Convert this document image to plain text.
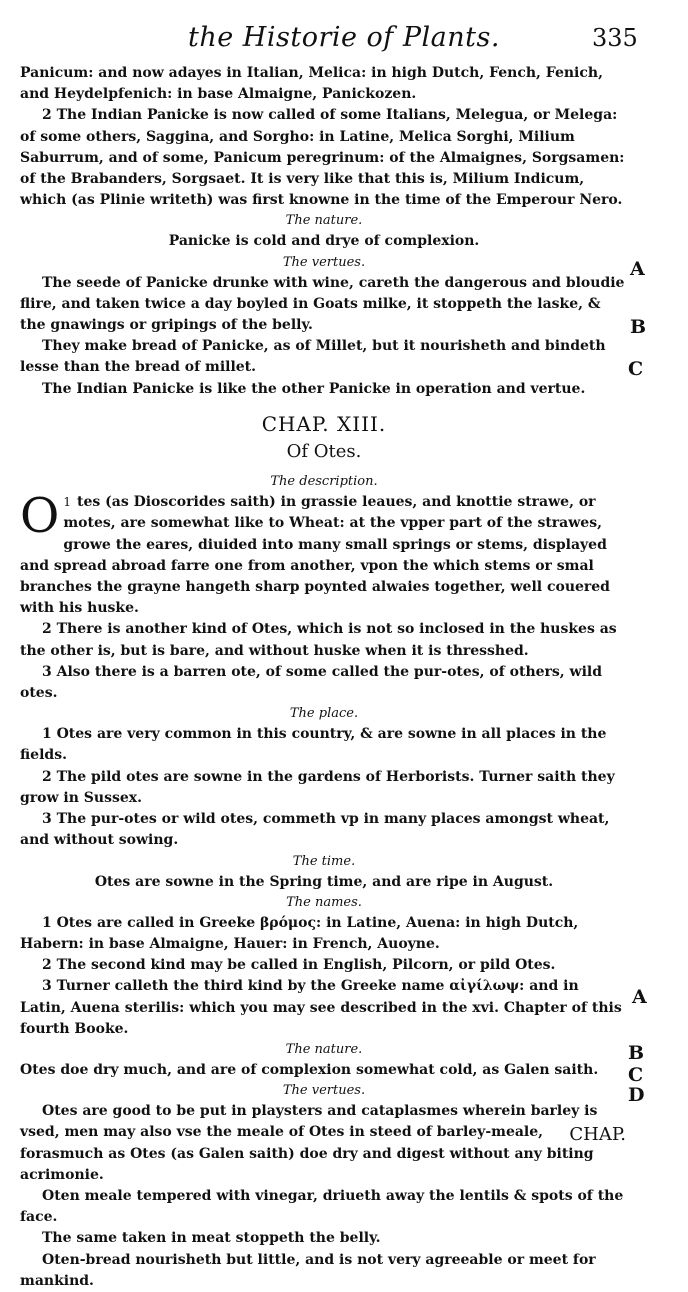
the Historie of Plants.	335

Panicum: and now adayes in Italian, Melica: in high Dutch, Fench, Fenich, and Heydelpfenich: in base Almaigne, Panickozen.

2 The Indian Panicke is now called of some Italians, Melegua, or Melega: of some others, Saggina, and Sorgho: in Latine, Melica Sorghi, Milium Saburrum, and of some, Panicum peregrinum: of the Almaignes, Sorgsamen: of the Brabanders, Sorgsaet. It is very like that this is, Milium Indicum, which (as Plinie writeth) was first knowne in the time of the Emperour Nero.

The nature.

Panicke is cold and drye of complexion.

The vertues.

The seede of Panicke drunke with wine, careth the dangerous and bloudie flire, and taken twice a day boyled in Goats milke, it stoppeth the laske, & the gnawings or gripings of the belly.

They make bread of Panicke, as of Millet, but it nourisheth and bindeth lesse than the bread of millet.

The Indian Panicke is like the other Panicke in operation and vertue.

CHAP. XIII.

Of Otes.

The description.

1
O tes (as Dioscorides saith) in grassie leaues, and knottie strawe, or motes, are somewhat like to Wheat: at the vpper part of the strawes, growe the eares, diuided into many small springs or stems, displayed and spread abroad farre one from another, vpon the which stems or smal branches the grayne hangeth sharp poynted alwaies together, well couered with his huske.

2 There is another kind of Otes, which is not so inclosed in the huskes as the other is, but is bare, and without huske when it is thresshed.

3 Also there is a barren ote, of some called the pur-otes, of others, wild otes.

The place.

1 Otes are very common in this country, & are sowne in all places in the fields.

2 The pild otes are sowne in the gardens of Herborists. Turner saith they grow in Sussex.

3 The pur-otes or wild otes, commeth vp in many places amongst wheat, and without sowing.

The time.

Otes are sowne in the Spring time, and are ripe in August.

The names.

1 Otes are called in Greeke βρόμος: in Latine, Auena: in high Dutch, Habern: in base Almaigne, Hauer: in French, Auoyne.

2 The second kind may be called in English, Pilcorn, or pild Otes.

3 Turner calleth the third kind by the Greeke name αἰγίλωψ: and in Latin, Auena sterilis: which you may see described in the xvi. Chapter of this fourth Booke.

The nature.

Otes doe dry much, and are of complexion somewhat cold, as Galen saith.

The vertues.

Otes are good to be put in playsters and cataplasmes wherein barley is vsed, men may also vse the meale of Otes in steed of barley-meale, forasmuch as Otes (as Galen saith) doe dry and digest without any biting acrimonie.

Oten meale tempered with vinegar, driueth away the lentils & spots of the face.

The same taken in meat stoppeth the belly.

Oten-bread nourisheth but little, and is not very agreeable or meet for mankind.

A
B
C
A
B
C
D
CHAP.
